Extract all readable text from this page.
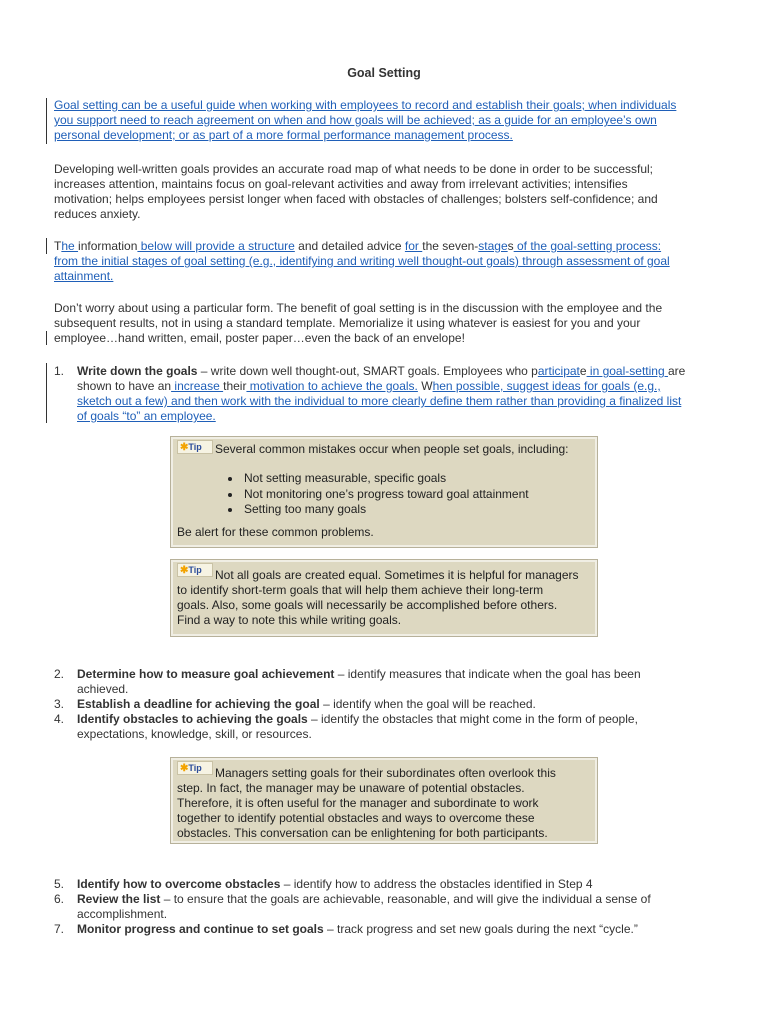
Goal Setting
Goal setting can be a useful guide when working with employees to record and establish their goals; when individuals
you support need to reach agreement on when and how goals will be achieved; as a guide for an employee’s own
personal development; or as part of a more formal performance management process.
Developing well-written goals provides an accurate road map of what needs to be done in order to be successful;
increases attention, maintains focus on goal-relevant activities and away from irrelevant activities; intensifies
motivation; helps employees persist longer when faced with obstacles of challenges; bolsters self-confidence; and
reduces anxiety.
The information below will provide a structure and detailed advice for the seven-stages of the goal-setting process:
from the initial stages of goal setting (e.g., identifying and writing well thought-out goals) through assessment of goal
attainment.
Don’t worry about using a particular form. The benefit of goal setting is in the discussion with the employee and the
subsequent results, not in using a standard template. Memorialize it using whatever is easiest for you and your
employee…hand written, email, poster paper…even the back of an envelope!
1. Write down the goals – write down well thought-out, SMART goals. Employees who participate in goal-setting are
shown to have an increase their motivation to achieve the goals. When possible, suggest ideas for goals (e.g.,
sketch out a few) and then work with the individual to more clearly define them rather than providing a finalized list
of goals “to” an employee.
✱Tip Several common mistakes occur when people set goals, including:
Not setting measurable, specific goals
Not monitoring one’s progress toward goal attainment
Setting too many goals
Be alert for these common problems.
✱Tip Not all goals are created equal. Sometimes it is helpful for managers
to identify short-term goals that will help them achieve their long-term
goals. Also, some goals will necessarily be accomplished before others.
Find a way to note this while writing goals.
2. Determine how to measure goal achievement – identify measures that indicate when the goal has been
achieved.
3. Establish a deadline for achieving the goal – identify when the goal will be reached.
4. Identify obstacles to achieving the goals – identify the obstacles that might come in the form of people,
expectations, knowledge, skill, or resources.
✱Tip Managers setting goals for their subordinates often overlook this
step. In fact, the manager may be unaware of potential obstacles.
Therefore, it is often useful for the manager and subordinate to work
together to identify potential obstacles and ways to overcome these
obstacles. This conversation can be enlightening for both participants.
5. Identify how to overcome obstacles – identify how to address the obstacles identified in Step 4
6. Review the list – to ensure that the goals are achievable, reasonable, and will give the individual a sense of
accomplishment.
7. Monitor progress and continue to set goals – track progress and set new goals during the next “cycle.”
